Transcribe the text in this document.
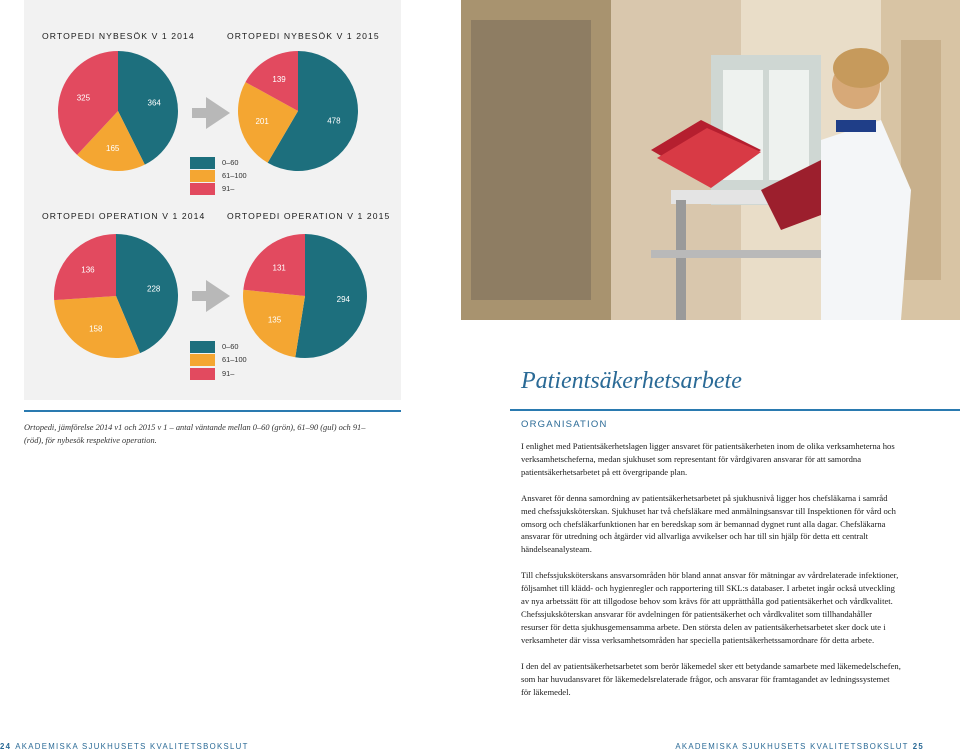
ORTOPEDI NYBESÖK V 1 2014	ORTOPEDI NYBESÖK V 1 2015
ORTOPEDI OPERATION V 1 2014	ORTOPEDI OPERATION V 1 2015
364
165
325
478
201
139
228
158
136
294
135
131
0–60
61–100
91–
0–60
61–100
91–
Ortopedi, jämförelse 2014 v1 och 2015 v 1 – antal väntande mellan 0–60 (grön), 61–90 (gul) och 91– (röd), för nybesök respektive operation.
Patientsäkerhetsarbete
ORGANISATION

I enlighet med Patientsäkerhetslagen ligger ansvaret för patientsäkerheten inom de olika verksamheterna hos verksamhetscheferna, medan sjukhuset som representant för vårdgivaren ansvarar för att samordna patientsäkerhetsarbetet på ett övergripande plan.

Ansvaret för denna samordning av patientsäkerhetsarbetet på sjukhusnivå ligger hos chefsläkarna i samråd med chefssjuksköterskan. Sjukhuset har två chefsläkare med anmälningsansvar till Inspektionen för vård och omsorg och chefsläkarfunktionen har en beredskap som är bemannad dygnet runt alla dagar. Chefsläkarna ansvarar för utredning och åtgärder vid allvarliga avvikelser och har till sin hjälp för detta ett centralt händelseanalysteam.

Till chefssjuksköterskans ansvarsområden hör bland annat ansvar för mätningar av vårdrelaterade infektioner, följsamhet till klädd- och hygienregler och rapportering till SKL:s databaser. I arbetet ingår också utveckling av nya arbetssätt för att tillgodose behov som krävs för att upprätthålla god patientsäkerhet och vårdkvalitet. Chefssjuksköterskan ansvarar för avdelningen för patientsäkerhet och vårdkvalitet som tillhandahåller resurser för detta sjukhusgemensamma arbete. Den största delen av patientsäkerhetsarbetet sker dock ute i verksamheter där vissa verksamhetsområden har speciella patientsäkerhetssamordnare för detta arbete.

I den del av patientsäkerhetsarbetet som berör läkemedel sker ett betydande samarbete med läkemedelschefen, som har huvudansvaret för läkemedelsrelaterade frågor, och ansvarar för framtagandet av ledningssystemet för läkemedel.

24 AKADEMISKA SJUKHUSETS KVALITETSBOKSLUT	AKADEMISKA SJUKHUSETS KVALITETSBOKSLUT 25
